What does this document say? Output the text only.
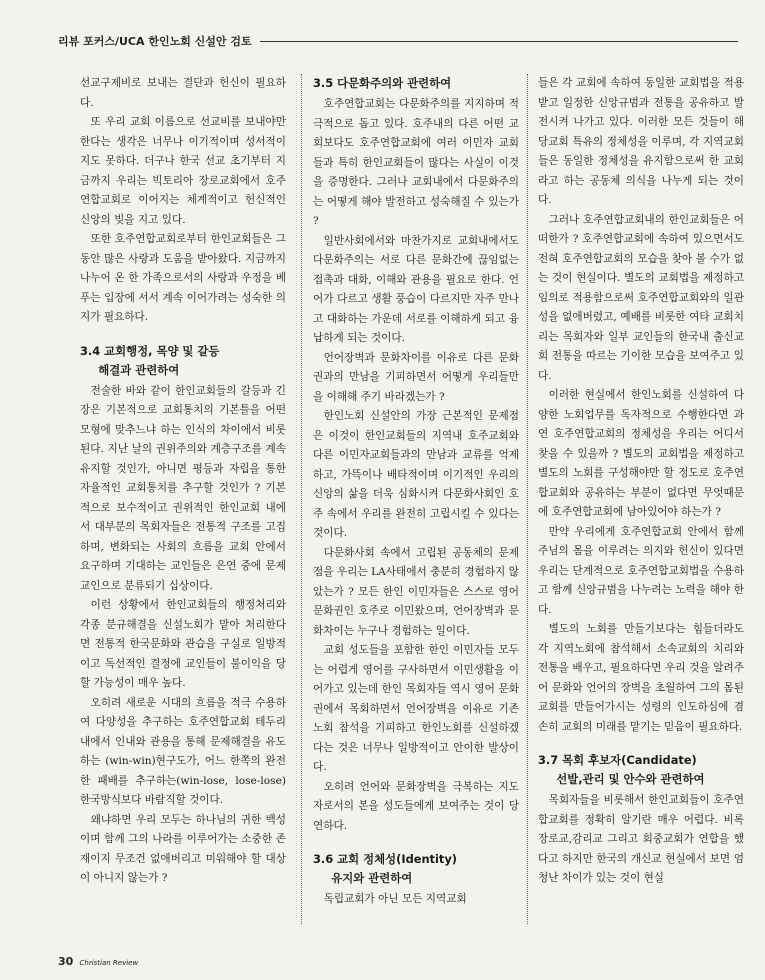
리뷰 포커스/UCA 한인노회 신설안 검토

선교구제비로 보내는 결단과 헌신이 필요하다.

또 우리 교회 이름으로 선교비를 보내야만 한다는 생각은 너무나 이기적이며 성서적이지도 못하다. 더구나 한국 선교 초기부터 지금까지 우리는 빅토리아 장로교회에서 호주연합교회로 이어지는 체계적이고 헌신적인 신앙의 빚을 지고 있다.

또한 호주연합교회로부터 한인교회들은 그동안 많은 사랑과 도움을 받아왔다. 지금까지 나누어 온 한 가족으로서의 사랑과 우정을 베푸는 입장에 서서 계속 이어가려는 성숙한 의지가 필요하다.

3.4 교회행정, 목양 및 갈등
해결과 관련하여

전술한 바와 같이 한인교회들의 갈등과 긴장은 기본적으로 교회통치의 기본틀을 어떤 모형에 맞추느냐 하는 인식의 차이에서 비롯된다. 지난 날의 권위주의와 계층구조를 계속 유지할 것인가, 아니면 평등과 자립을 통한 자율적인 교회통치를 추구할 것인가 ? 기본적으로 보수적이고 권위적인 한인교회 내에서 대부분의 목회자들은 전통적 구조를 고집하며, 변화되는 사회의 흐름을 교회 안에서 요구하며 기대하는 교인들은 은연 중에 문제교인으로 분류되기 십상이다.

이런 상황에서 한인교회들의 행정처리와 각종 분규해결을 신설노회가 맡아 처리한다면 전통적 한국문화와 관습을 구실로 일방적이고 독선적인 결정에 교인들이 불이익을 당할 가능성이 매우 높다.

오히려 새로운 시대의 흐름을 적극 수용하여 다양성을 추구하는 호주연합교회 테두리 내에서 인내와 관용을 통해 문제해결을 유도하는 (win-win)현구도가, 어느 한쪽의 완전한 패배를 추구하는(win-lose, lose-lose) 한국방식보다 바람직할 것이다.

왜냐하면 우리 모두는 하나님의 귀한 백성이며 함께 그의 나라를 이루어가는 소중한 존재이지 무조건 없애버리고 미워해야 할 대상이 아니지 않는가 ?

3.5 다문화주의와 관련하여

호주연합교회는 다문화주의를 지지하며 적극적으로 돕고 있다. 호주내의 다른 어떤 교회보다도 호주연합교회에 여러 이민자 교회들과 특히 한인교회들이 많다는 사실이 이것을 증명한다. 그러나 교회내에서 다문화주의는 어떻게 해야 발전하고 성숙해질 수 있는가 ?

일반사회에서와 마찬가지로 교회내에서도 다문화주의는 서로 다른 문화간에 끊임없는 접촉과 대화, 이해와 관용을 필요로 한다. 언어가 다르고 생활 풍습이 다르지만 자주 만나고 대화하는 가운데 서로를 이해하게 되고 융납하게 되는 것이다.

언어장벽과 문화차이를 이유로 다른 문화권과의 만남을 기피하면서 어떻게 우리들만을 이해해 주기 바라겠는가 ?

한인노회 신설안의 가장 근본적인 문제점은 이것이 한인교회들의 지역내 호주교회와 다른 이민자교회들과의 만남과 교류를 억제하고, 가뜩이나 배타적이며 이기적인 우리의 신앙의 삶을 더욱 심화시켜 다문화사회인 호주 속에서 우리를 완전히 고립시킬 수 있다는 것이다.

다문화사회 속에서 고립된 공동체의 문제점을 우리는 LA사태에서 충분히 경험하지 않았는가 ? 모든 한인 이민자들은 스스로 영어 문화권인 호주로 이민왔으며, 언어장벽과 문화차이는 누구나 경험하는 일이다.

교회 성도들을 포함한 한인 이민자들 모두는 어렵게 영어를 구사하면서 이민생활을 이어가고 있는데 한인 목회자들 역시 영어 문화권에서 목회하면서 언어장벽을 이유로 기존 노회 참석을 기피하고 한인노회를 신설하겠다는 것은 너무나 일방적이고 안이한 발상이다.

오히려 언어와 문화장벽을 극복하는 지도자로서의 본을 성도들에게 보여주는 것이 당연하다.

3.6 교회 정체성(Identity)
유지와 관련하여

독립교회가 아닌 모든 지역교회

들은 각 교회에 속하여 동일한 교회법을 적용받고 일정한 신앙규범과 전통을 공유하고 발전시켜 나가고 있다. 이러한 모든 것들이 해당교회 특유의 정체성을 이루며, 각 지역교회들은 동일한 정체성을 유지함으로써 한 교회라고 하는 공동체 의식을 나누게 되는 것이다.

그러나 호주연합교회내의 한인교회들은 어떠한가 ? 호주연합교회에 속하여 있으면서도 전혀 호주연합교회의 모습을 찾아 볼 수가 없는 것이 현실이다. 별도의 교회법을 제정하고 임의로 적용함으로써 호주연합교회와의 일관성을 없애버렸고, 예배를 비롯한 여타 교회치리는 목회자와 일부 교인들의 한국내 출신교회 전통을 따르는 기이한 모습을 보여주고 있다.

이러한 현실에서 한인노회를 신설하여 다양한 노회업무를 독자적으로 수행한다면 과연 호주연합교회의 정체성을 우리는 어디서 찾을 수 있을까 ? 별도의 교회법을 제정하고 별도의 노회를 구성해야만 할 정도로 호주연합교회와 공유하는 부분이 없다면 무엇때문에 호주연합교회에 남아있어야 하는가 ?

만약 우리에게 호주연합교회 안에서 함께 주님의 몸을 이루려는 의지와 헌신이 있다면 우리는 단계적으로 호주연합교회법을 수용하고 함께 신앙규범을 나누려는 노력을 해야 한다.

별도의 노회를 만들기보다는 힘들더라도 각 지역노회에 참석해서 소속교회의 치리와 전통을 배우고, 필요하다면 우리 것을 알려주어 문화와 언어의 장벽을 초월하여 그의 몸된 교회를 만들어가시는 성령의 인도하심에 겸손히 교회의 미래를 맡기는 믿음이 필요하다.

3.7 목회 후보자(Candidate)
선발,관리 및 안수와 관련하여

목회자들을 비롯해서 한인교회들이 호주연합교회를 정확히 알기란 매우 어렵다. 비록 장로교,감리교 그리고 회중교회가 연합을 했다고 하지만 한국의 개신교 현실에서 보면 엄청난 차이가 있는 것이 현실

30 Christian Review
